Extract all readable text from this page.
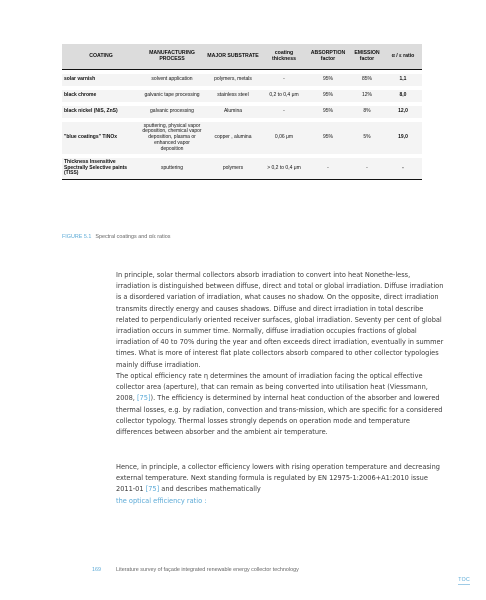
COATING	MANUFACTURING PROCESS	MAJOR SUBSTRATE	coating thickness	ABSORPTION factor	EMISSION factor	α / ε ratio

solar varnish	solvent application	polymers, metals	-	95%	85%	1,1

black chrome	galvanic tape processing	stainless steel	0,2 to 0,4 μm	95%	12%	8,0

black nickel (NiS, ZnS)	galvanic processing	Alumina	-	95%	8%	12,0

"blue coatings" TiNOx	sputtering, physical vapor deposition, chemical vapor deposition, plasma or enhanced vapor deposition	copper , alumina	0,06 μm	95%	5%	19,0

Thickness Insensitive Spectrally Selective paints (TISS)	sputtering	polymers	> 0,2 to 0,4 μm	-	-	-
FIGURE 5.1 Spectral coatings and α/ε ratios

In principle, solar thermal collectors absorb irradiation to convert into heat Nonethe-less, irradiation is distinguished between diffuse, direct and total or global irradiation. Diffuse irradiation is a disordered variation of irradiation, what causes no shadow. On the opposite, direct irradiation transmits directly energy and causes shadows. Diffuse and direct irradiation in total describe related to perpendicularly oriented receiver surfaces, global irradiation. Seventy per cent of global irradiation occurs in summer time. Normally, diffuse irradiation occupies fractions of global irradiation of 40 to 70% during the year and often exceeds direct irradiation, eventually in summer times. What is more of interest flat plate collectors absorb compared to other collector typologies mainly diffuse irradiation.

The optical efficiency rate η determines the amount of irradiation facing the optical effective collector area (aperture), that can remain as being converted into utilisation heat (Viessmann, 2008, [75]). The efficiency is determined by internal heat conduction of the absorber and lowered thermal losses, e.g. by radiation, convection and trans-mission, which are specific for a considered collector typology. Thermal losses strongly depends on operation mode and temperature differences between absorber and the ambient air temperature.

Hence, in principle, a collector efficiency lowers with rising operation temperature and decreasing external temperature. Next standing formula is regulated by EN 12975-1:2006+A1:2010 issue 2011-01 [75] and describes mathematically
the optical efficiency ratio :

169	Literature survey of façade integrated renewable energy collector technology
TOC
